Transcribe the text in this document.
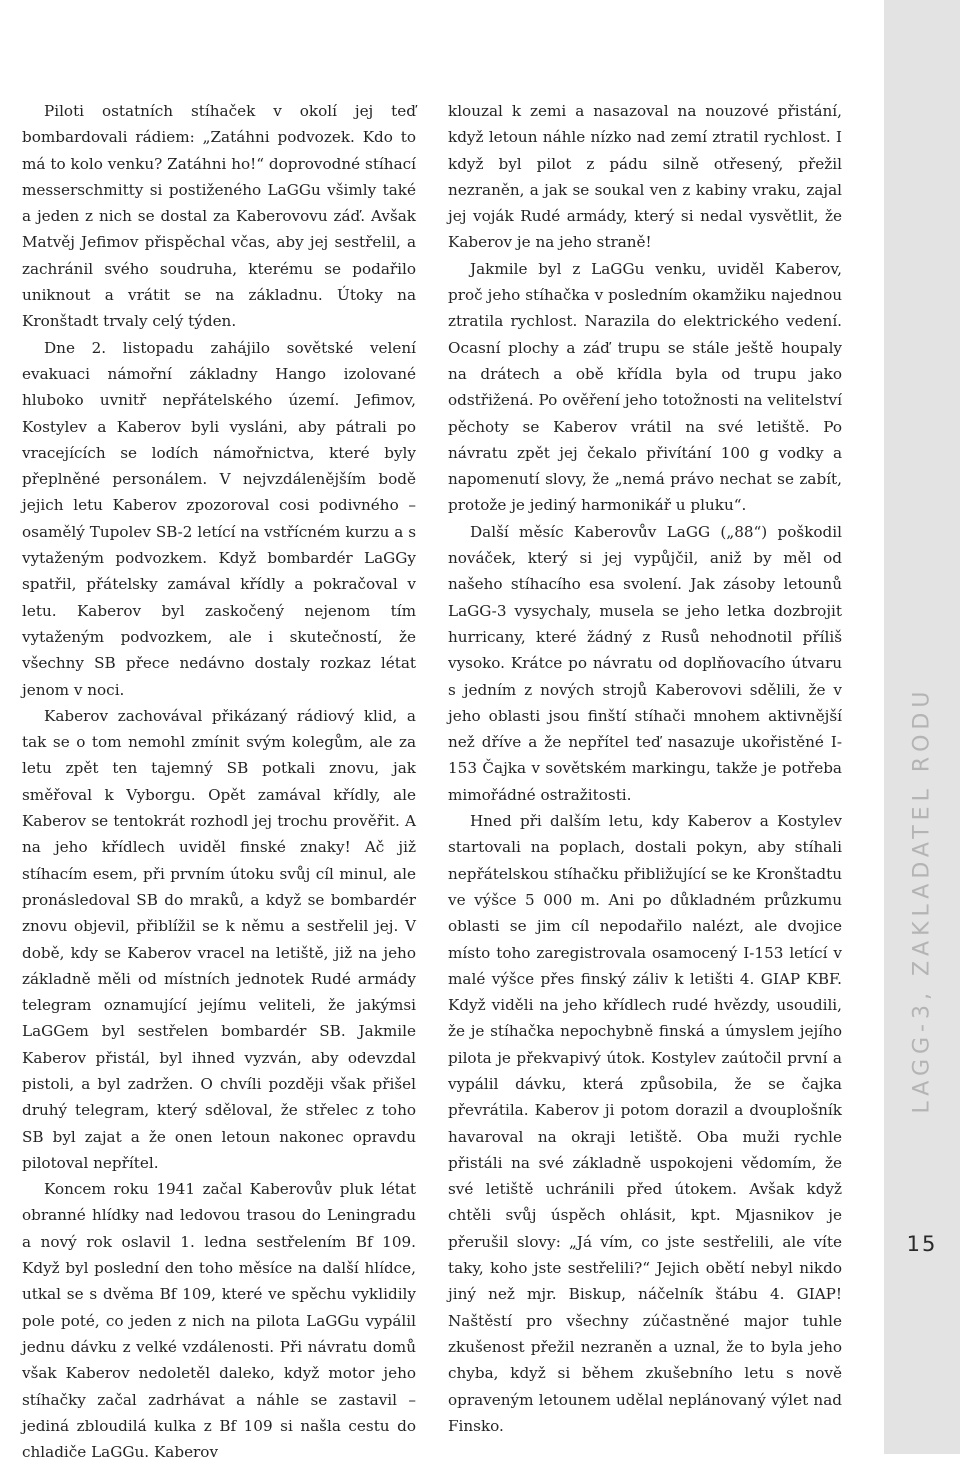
Piloti ostatních stíhaček v okolí jej teď bombardovali rádiem: „Zatáhni podvozek. Kdo to má to kolo venku? Zatáhni ho!“ doprovodné stíhací messerschmitty si postiženého LaGGu všimly také a jeden z nich se dostal za Kaberovovu záď. Avšak Matvěj Jefimov přispěchal včas, aby jej sestřelil, a zachránil svého soudruha, kterému se podařilo uniknout a vrátit se na základnu. Útoky na Kronštadt trvaly celý týden.

Dne 2. listopadu zahájilo sovětské velení evakuaci námořní základny Hango izolované hluboko uvnitř nepřátelského území. Jefimov, Kostylev a Kaberov byli vysláni, aby pátrali po vracejících se lodích námořnictva, které byly přeplněné personálem. V nejvzdálenějším bodě jejich letu Kaberov zpozoroval cosi podivného – osamělý Tupolev SB-2 letící na vstřícném kurzu a s vytaženým podvozkem. Když bombardér LaGGy spatřil, přátelsky zamával křídly a pokračoval v letu. Kaberov byl zaskočený nejenom tím vytaženým podvozkem, ale i skutečností, že všechny SB přece nedávno dostaly rozkaz létat jenom v noci.

Kaberov zachovával přikázaný rádiový klid, a tak se o tom nemohl zmínit svým kolegům, ale za letu zpět ten tajemný SB potkali znovu, jak směřoval k Vyborgu. Opět zamával křídly, ale Kaberov se tentokrát rozhodl jej trochu prověřit. A na jeho křídlech uviděl finské znaky! Ač již stíhacím esem, při prvním útoku svůj cíl minul, ale pronásledoval SB do mraků, a když se bombardér znovu objevil, přiblížil se k němu a sestřelil jej. V době, kdy se Kaberov vracel na letiště, již na jeho základně měli od místních jednotek Rudé armády telegram oznamující jejímu veliteli, že jakýmsi LaGGem byl sestřelen bombardér SB. Jakmile Kaberov přistál, byl ihned vyzván, aby odevzdal pistoli, a byl zadržen. O chvíli později však přišel druhý telegram, který sděloval, že střelec z toho SB byl zajat a že onen letoun nakonec opravdu pilotoval nepřítel.

Koncem roku 1941 začal Kaberovův pluk létat obranné hlídky nad ledovou trasou do Leningradu a nový rok oslavil 1. ledna sestřelením Bf 109. Když byl poslední den toho měsíce na další hlídce, utkal se s dvěma Bf 109, které ve spěchu vyklidily pole poté, co jeden z nich na pilota LaGGu vypálil jednu dávku z velké vzdálenosti. Při návratu domů však Kaberov nedoletěl daleko, když motor jeho stíhačky začal zadrhávat a náhle se zastavil – jediná zbloudilá kulka z Bf 109 si našla cestu do chladiče LaGGu. Kaberov

klouzal k zemi a nasazoval na nouzové přistání, když letoun náhle nízko nad zemí ztratil rychlost. I když byl pilot z pádu silně otřesený, přežil nezraněn, a jak se soukal ven z kabiny vraku, zajal jej voják Rudé armády, který si nedal vysvětlit, že Kaberov je na jeho straně!

Jakmile byl z LaGGu venku, uviděl Kaberov, proč jeho stíhačka v posledním okamžiku najednou ztratila rychlost. Narazila do elektrického vedení. Ocasní plochy a záď trupu se stále ještě houpaly na drátech a obě křídla byla od trupu jako odstřižená. Po ověření jeho totožnosti na velitelství pěchoty se Kaberov vrátil na své letiště. Po návratu zpět jej čekalo přivítání 100 g vodky a napomenutí slovy, že „nemá právo nechat se zabít, protože je jediný harmonikář u pluku“.

Další měsíc Kaberovův LaGG („88“) poškodil nováček, který si jej vypůjčil, aniž by měl od našeho stíhacího esa svolení. Jak zásoby letounů LaGG-3 vysychaly, musela se jeho letka dozbrojit hurricany, které žádný z Rusů nehodnotil příliš vysoko. Krátce po návratu od doplňovacího útvaru s jedním z nových strojů Kaberovovi sdělili, že v jeho oblasti jsou finští stíhači mnohem aktivnější než dříve a že nepřítel teď nasazuje ukořistěné I-153 Čajka v sovětském markingu, takže je potřeba mimořádné ostražitosti.

Hned při dalším letu, kdy Kaberov a Kostylev startovali na poplach, dostali pokyn, aby stíhali nepřátelskou stíhačku přibližující se ke Kronštadtu ve výšce 5 000 m. Ani po důkladném průzkumu oblasti se jim cíl nepodařilo nalézt, ale dvojice místo toho zaregistrovala osamocený I-153 letící v malé výšce přes finský záliv k letišti 4. GIAP KBF. Když viděli na jeho křídlech rudé hvězdy, usoudili, že je stíhačka nepochybně finská a úmyslem jejího pilota je překvapivý útok. Kostylev zaútočil první a vypálil dávku, která způsobila, že se čajka převrátila. Kaberov ji potom dorazil a dvouplošník havaroval na okraji letiště. Oba muži rychle přistáli na své základně uspokojeni vědomím, že své letiště uchránili před útokem. Avšak když chtěli svůj úspěch ohlásit, kpt. Mjasnikov je přerušil slovy: „Já vím, co jste sestřelili, ale víte taky, koho jste sestřelili?“ Jejich obětí nebyl nikdo jiný než mjr. Biskup, náčelník štábu 4. GIAP! Naštěstí pro všechny zúčastněné major tuhle zkušenost přežil nezraněn a uznal, že to byla jeho chyba, když si během zkušebního letu s nově opraveným letounem udělal neplánovaný výlet nad Finsko.

LAGG-3, ZAKLADATEL RODU
15
